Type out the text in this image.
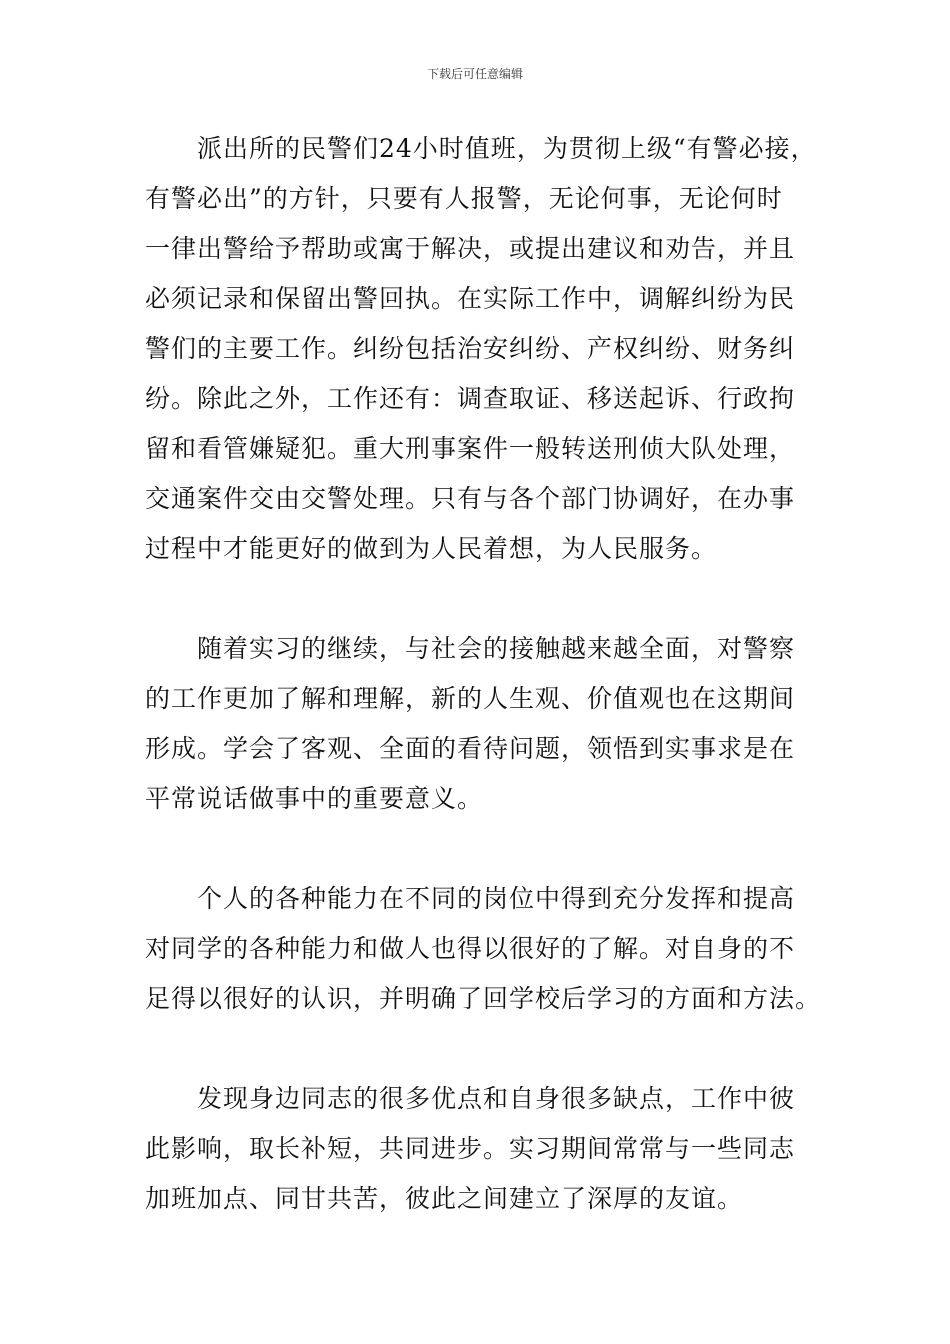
下载后可任意编辑
派出所的民警们24小时值班，为贯彻上级“有警必接，
有警必出”的方针，只要有人报警，无论何事，无论何时
一律出警给予帮助或寓于解决，或提出建议和劝告，并且
必须记录和保留出警回执。在实际工作中，调解纠纷为民
警们的主要工作。纠纷包括治安纠纷、产权纠纷、财务纠
纷。除此之外，工作还有：调查取证、移送起诉、行政拘
留和看管嫌疑犯。重大刑事案件一般转送刑侦大队处理，
交通案件交由交警处理。只有与各个部门协调好，在办事
过程中才能更好的做到为人民着想，为人民服务。
随着实习的继续，与社会的接触越来越全面，对警察
的工作更加了解和理解，新的人生观、价值观也在这期间
形成。学会了客观、全面的看待问题，领悟到实事求是在
平常说话做事中的重要意义。
个人的各种能力在不同的岗位中得到充分发挥和提高
对同学的各种能力和做人也得以很好的了解。对自身的不
足得以很好的认识，并明确了回学校后学习的方面和方法。
发现身边同志的很多优点和自身很多缺点，工作中彼
此影响，取长补短，共同进步。实习期间常常与一些同志
加班加点、同甘共苦，彼此之间建立了深厚的友谊。
